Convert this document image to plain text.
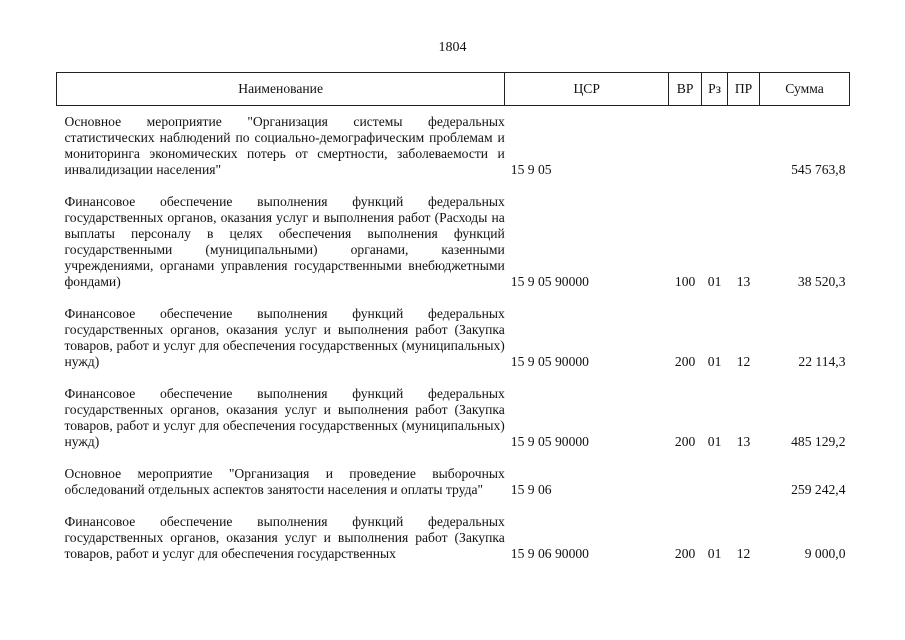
1804
Наименование	ЦСР	ВР	Рз	ПР	Сумма
Основное мероприятие "Организация системы федеральных статистических наблюдений по социально-демографическим проблемам и мониторинга экономических потерь от смертности, заболеваемости и инвалидизации населения"	15 9 05				545 763,8
Финансовое обеспечение выполнения функций федеральных государственных органов, оказания услуг и выполнения работ (Расходы на выплаты персоналу в целях обеспечения выполнения функций государственными (муниципальными) органами, казенными учреждениями, органами управления государственными внебюджетными фондами)	15 9 05 90000	100	01	13	38 520,3
Финансовое обеспечение выполнения функций федеральных государственных органов, оказания услуг и выполнения работ (Закупка товаров, работ и услуг для обеспечения государственных (муниципальных) нужд)	15 9 05 90000	200	01	12	22 114,3
Финансовое обеспечение выполнения функций федеральных государственных органов, оказания услуг и выполнения работ (Закупка товаров, работ и услуг для обеспечения государственных (муниципальных) нужд)	15 9 05 90000	200	01	13	485 129,2
Основное мероприятие "Организация и проведение выборочных обследований отдельных аспектов занятости населения и оплаты труда"	15 9 06				259 242,4
Финансовое обеспечение выполнения функций федеральных государственных органов, оказания услуг и выполнения работ (Закупка товаров, работ и услуг для обеспечения государственных	15 9 06 90000	200	01	12	9 000,0
